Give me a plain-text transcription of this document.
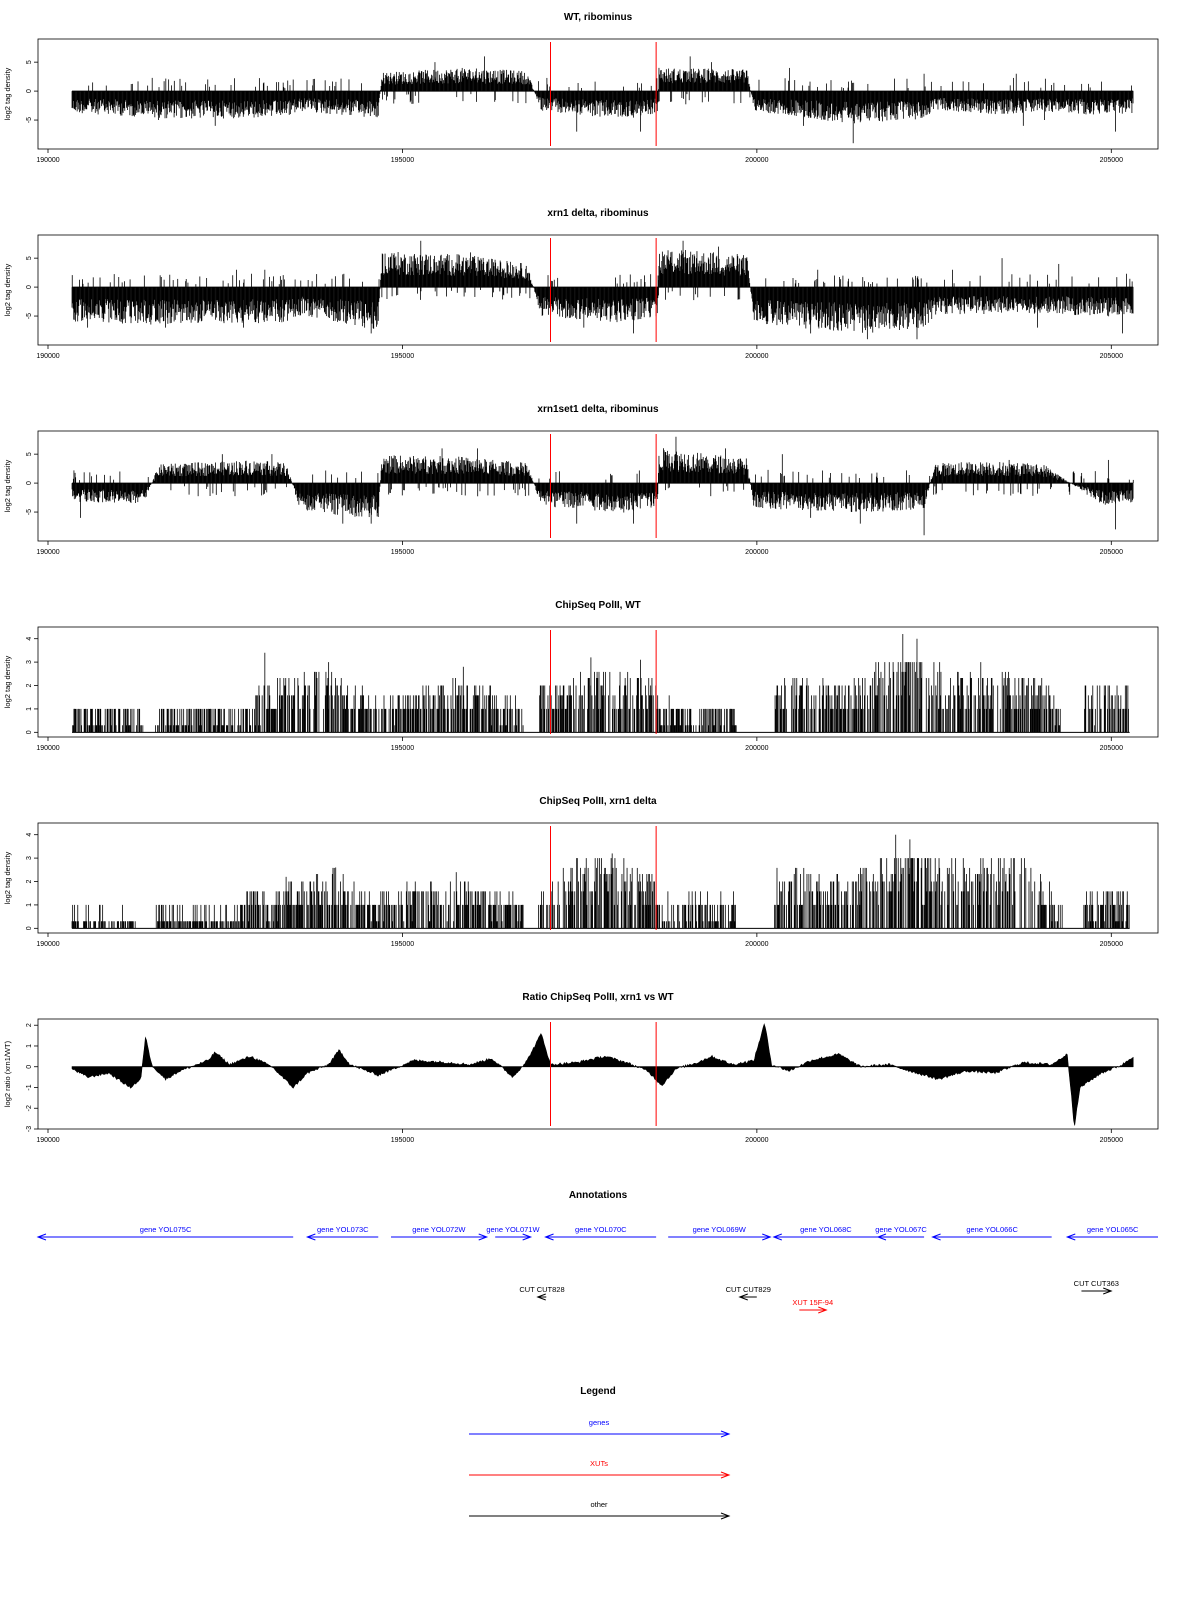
WT, ribominus
log2 tag density -5
0
5
190000	195000	200000	205000
xrn1 delta, ribominus
log2 tag density -5
0
5
190000	195000	200000	205000
xrn1set1 delta, ribominus
log2 tag density -5
0
5
190000	195000	200000	205000
ChipSeq PolII, WT
log2 tag density
0
1
2
3
4
190000	195000	200000	205000
ChipSeq PolII, xrn1 delta
log2 tag density
0
1
2
3
4
190000	195000	200000	205000
Ratio ChipSeq PolII, xrn1 vs WT
log2 ratio (xrn1/WT)
-3
-2
-1
0
1
2
190000	195000	200000	205000
Annotations
gene YOL075C	gene YOL073C	gene YOL072W	gene YOL071W	gene YOL070C	gene YOL069W	gene YOL068C	gene YOL067C	gene YOL066C	gene YOL065C
CUT CUT828	CUT CUT829
XUT 15F-94
CUT CUT363
Legend
genes
XUTs
other
